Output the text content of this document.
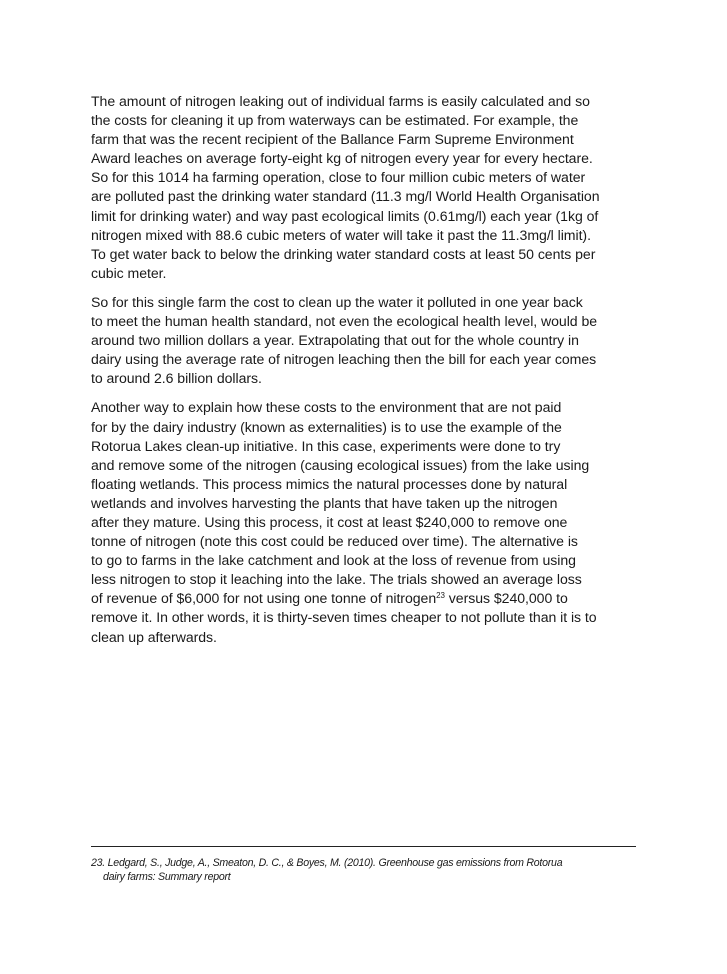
The amount of nitrogen leaking out of individual farms is easily calculated and so
the costs for cleaning it up from waterways can be estimated. For example, the
farm that was the recent recipient of the Ballance Farm Supreme Environment
Award leaches on average forty-eight kg of nitrogen every year for every hectare.
So for this 1014 ha farming operation, close to four million cubic meters of water
are polluted past the drinking water standard (11.3 mg/l World Health Organisation
limit for drinking water) and way past ecological limits (0.61mg/l) each year (1kg of
nitrogen mixed with 88.6 cubic meters of water will take it past the 11.3mg/l limit).
To get water back to below the drinking water standard costs at least 50 cents per
cubic meter.

So for this single farm the cost to clean up the water it polluted in one year back
to meet the human health standard, not even the ecological health level, would be
around two million dollars a year. Extrapolating that out for the whole country in
dairy using the average rate of nitrogen leaching then the bill for each year comes
to around 2.6 billion dollars.

Another way to explain how these costs to the environment that are not paid
for by the dairy industry (known as externalities) is to use the example of the
Rotorua Lakes clean-up initiative. In this case, experiments were done to try
and remove some of the nitrogen (causing ecological issues) from the lake using
floating wetlands. This process mimics the natural processes done by natural
wetlands and involves harvesting the plants that have taken up the nitrogen
after they mature. Using this process, it cost at least $240,000 to remove one
tonne of nitrogen (note this cost could be reduced over time). The alternative is
to go to farms in the lake catchment and look at the loss of revenue from using
less nitrogen to stop it leaching into the lake. The trials showed an average loss
of revenue of $6,000 for not using one tonne of nitrogen$^{23}$ versus $240,000 to
remove it. In other words, it is thirty-seven times cheaper to not pollute than it is to
clean up afterwards.

23. Ledgard, S., Judge, A., Smeaton, D. C., & Boyes, M. (2010). Greenhouse gas emissions from Rotorua
dairy farms: Summary report
